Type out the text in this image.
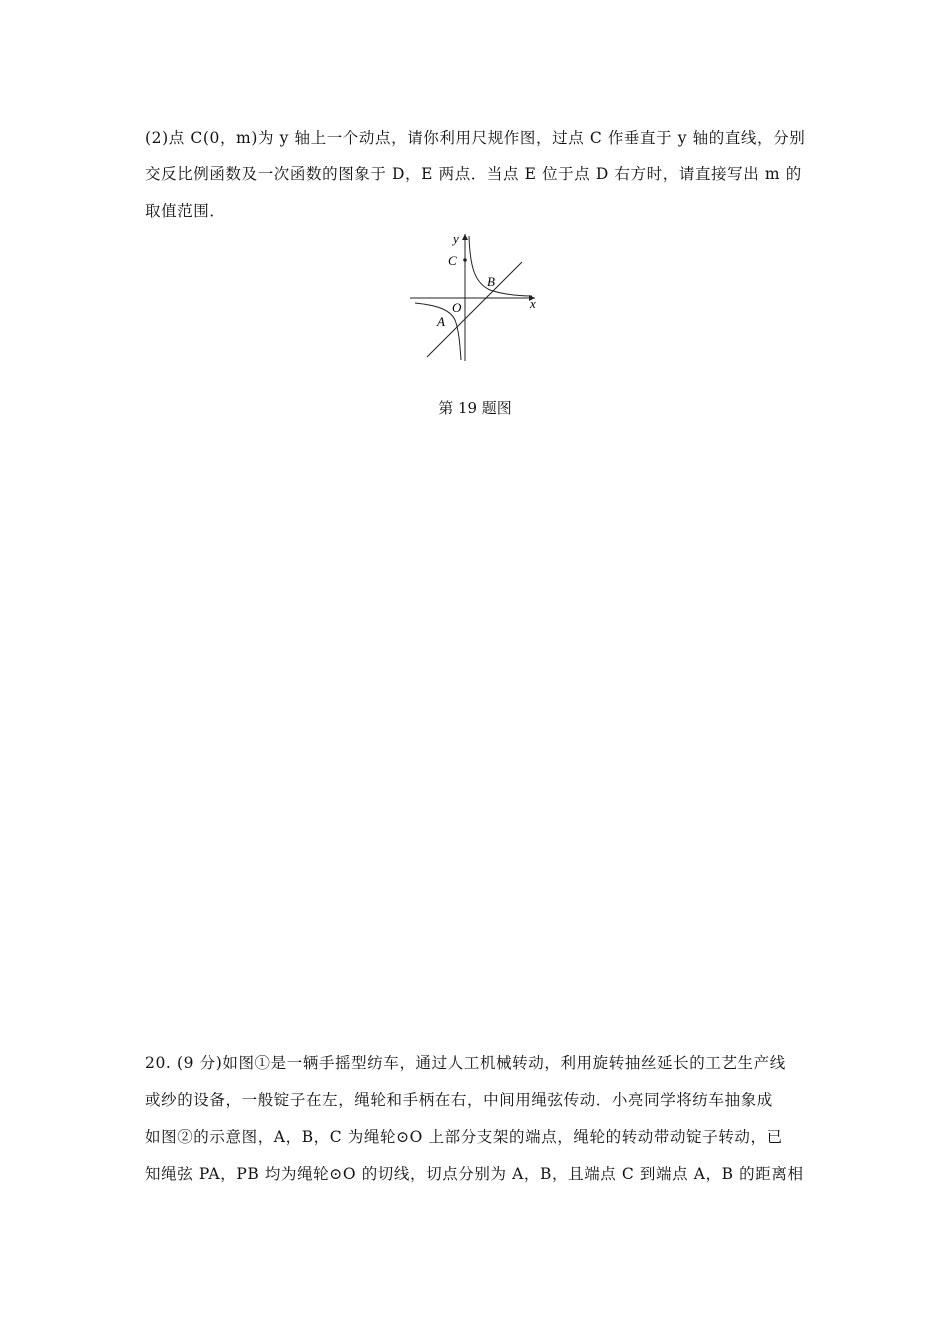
(2)点 C(0，m)为 y 轴上一个动点，请你利用尺规作图，过点 C 作垂直于 y 轴的直线，分别
交反比例函数及一次函数的图象于 D，E 两点．当点 E 位于点 D 右方时，请直接写出 m 的
取值范围．
y
x
C
B
O
A
第 19 题图
20. (9 分)如图①是一辆手摇型纺车，通过人工机械转动，利用旋转抽丝延长的工艺生产线
或纱的设备，一般锭子在左，绳轮和手柄在右，中间用绳弦传动．小亮同学将纺车抽象成
如图②的示意图，A，B，C 为绳轮⊙O 上部分支架的端点，绳轮的转动带动锭子转动，已
知绳弦 PA，PB 均为绳轮⊙O 的切线，切点分别为 A，B，且端点 C 到端点 A，B 的距离相
